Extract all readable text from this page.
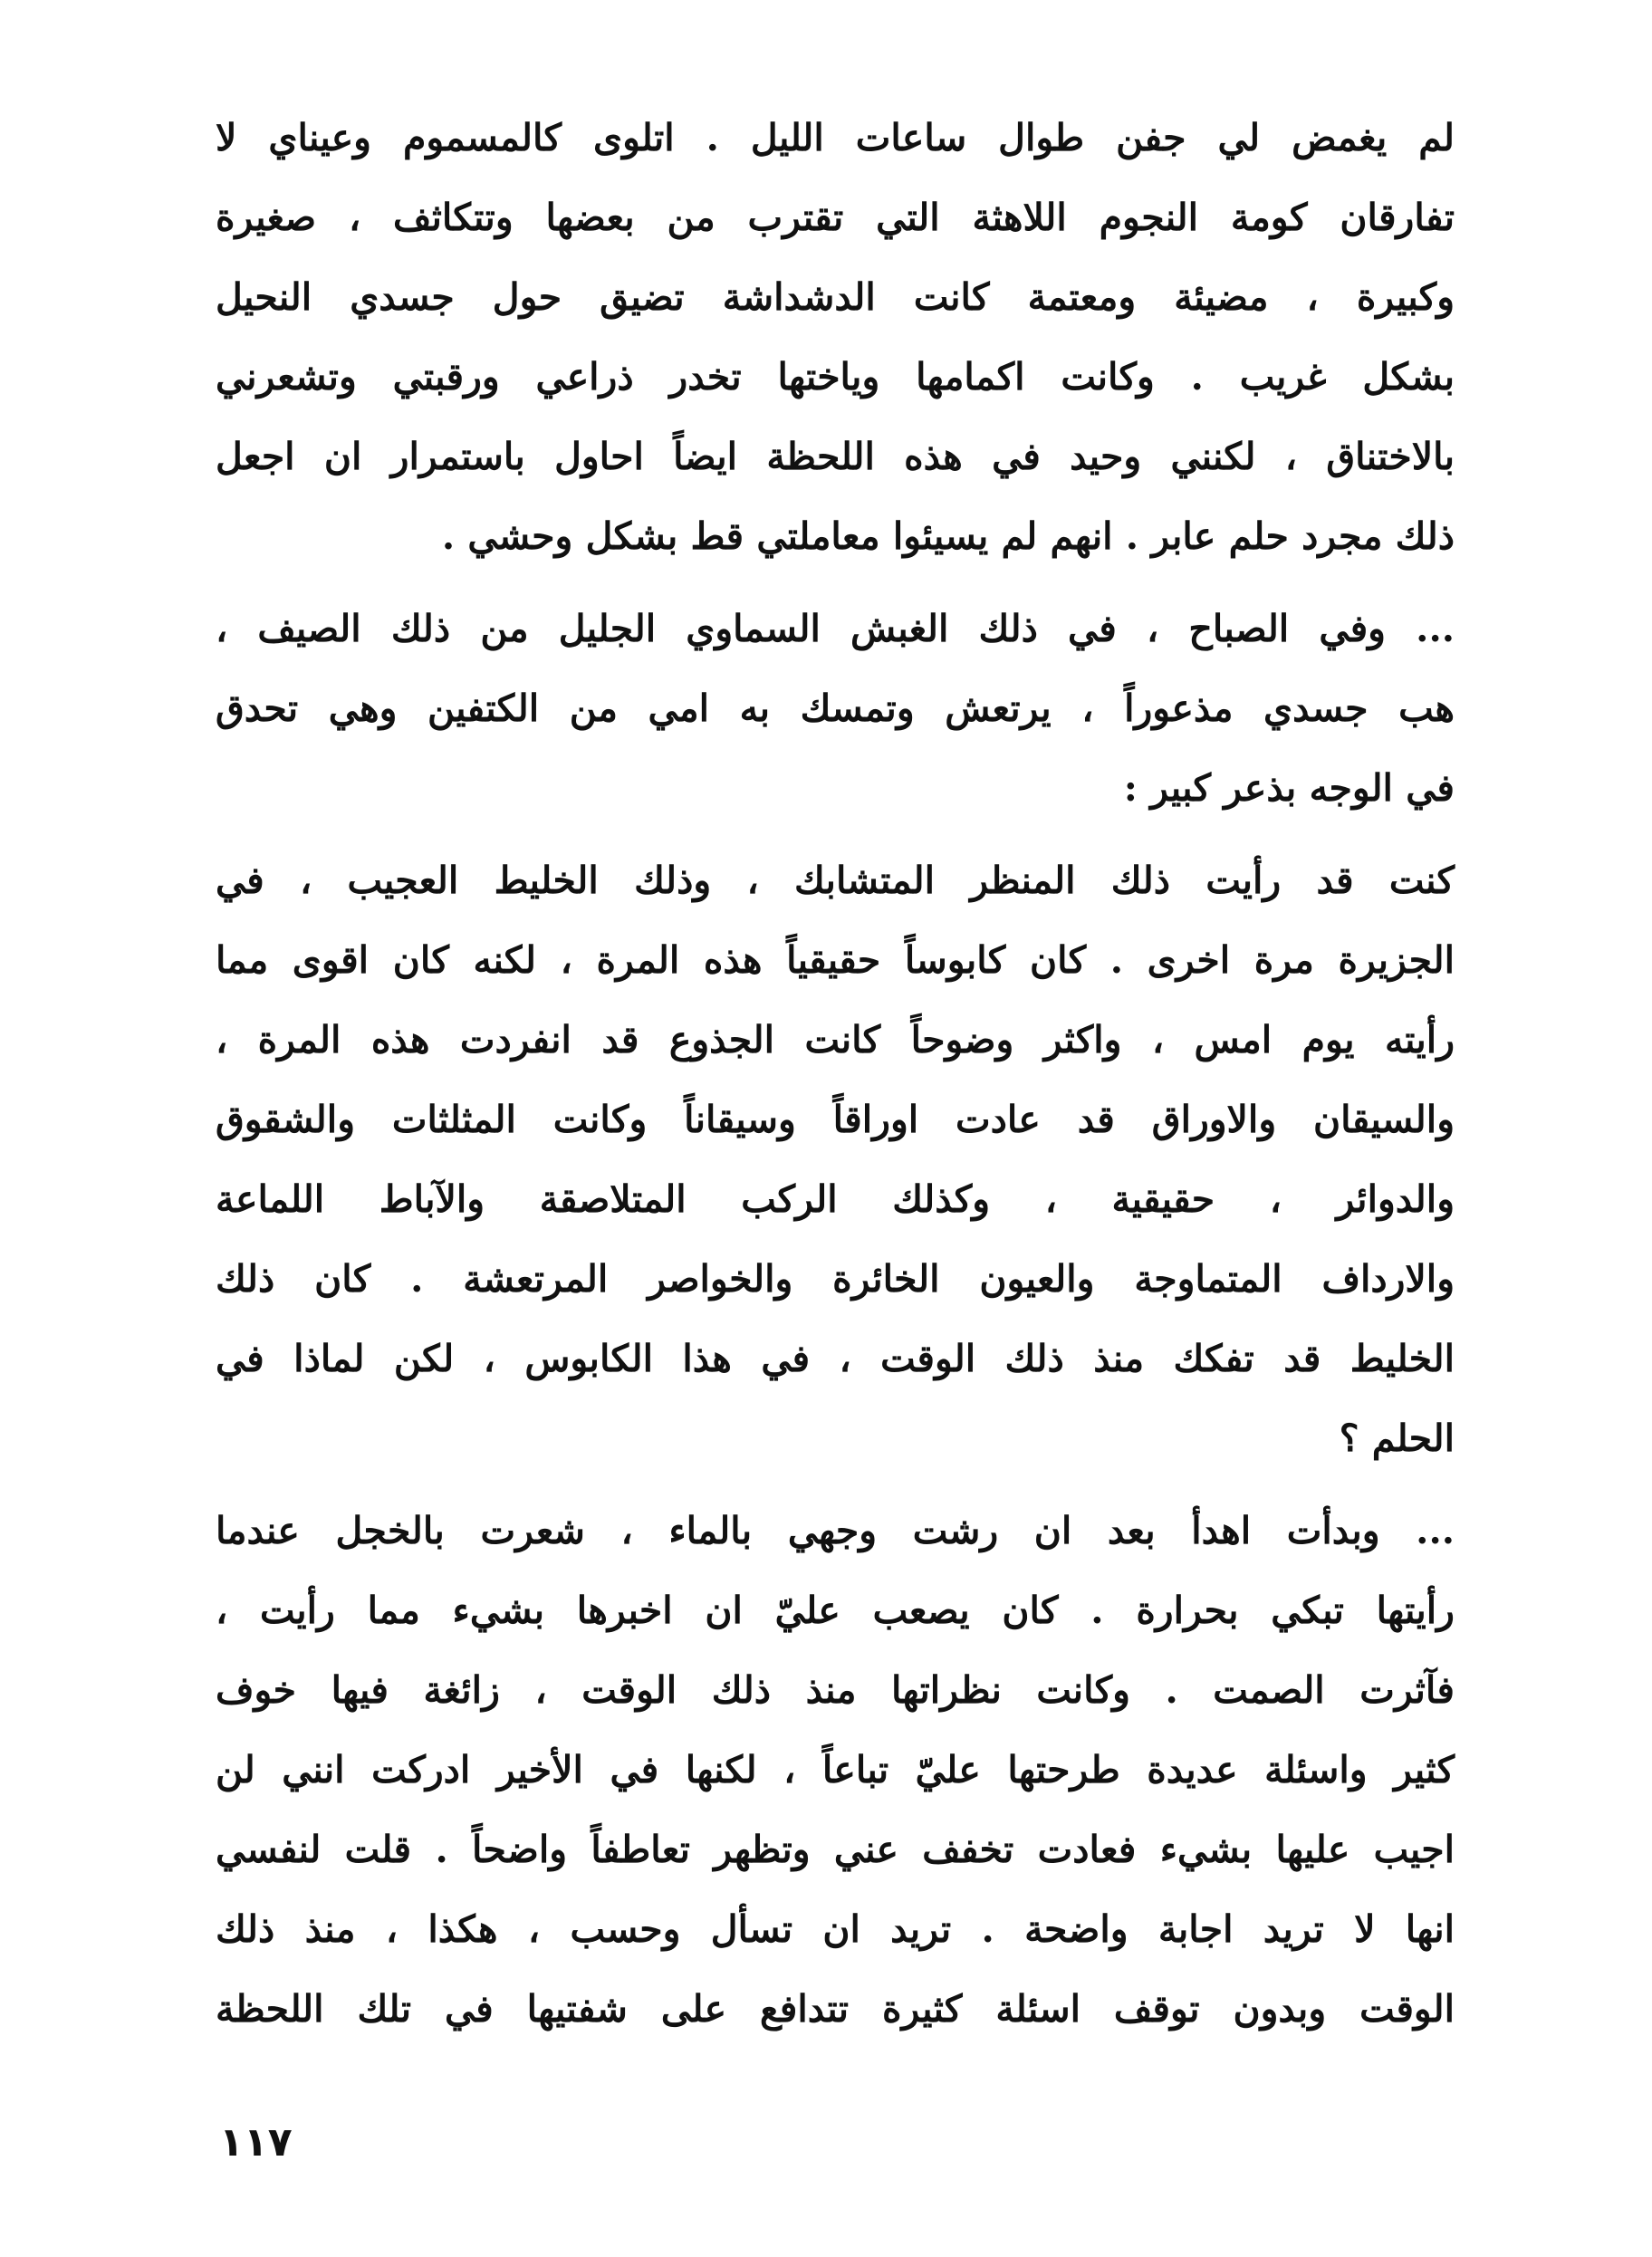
لم يغمض لي جفن طوال ساعات الليل . اتلوى كالمسموم وعيناي لا
تفارقان كومة النجوم اللاهثة التي تقترب من بعضها وتتكاثف ، صغيرة
وكبيرة ، مضيئة ومعتمة كانت الدشداشة تضيق حول جسدي النحيل
بشكل غريب . وكانت اكمامها وياختها تخدر ذراعي ورقبتي وتشعرني
بالاختناق ، لكنني وحيد في هذه اللحظة ايضاً احاول باستمرار ان اجعل
ذلك مجرد حلم عابر . انهم لم يسيئوا معاملتي قط بشكل وحشي .

... وفي الصباح ، في ذلك الغبش السماوي الجليل من ذلك الصيف ،
هب جسدي مذعوراً ، يرتعش وتمسك به امي من الكتفين وهي تحدق
في الوجه بذعر كبير :

كنت قد رأيت ذلك المنظر المتشابك ، وذلك الخليط العجيب ، في
الجزيرة مرة اخرى . كان كابوساً حقيقياً هذه المرة ، لكنه كان اقوى مما
رأيته يوم امس ، واكثر وضوحاً كانت الجذوع قد انفردت هذه المرة ،
والسيقان والاوراق قد عادت اوراقاً وسيقاناً وكانت المثلثات والشقوق
والدوائر ، حقيقية ، وكذلك الركب المتلاصقة والآباط اللماعة
والارداف المتماوجة والعيون الخائرة والخواصر المرتعشة . كان ذلك
الخليط قد تفكك منذ ذلك الوقت ، في هذا الكابوس ، لكن لماذا في
الحلم ؟

... وبدأت اهدأ بعد ان رشت وجهي بالماء ، شعرت بالخجل عندما
رأيتها تبكي بحرارة . كان يصعب عليّ ان اخبرها بشيء مما رأيت ،
فآثرت الصمت . وكانت نظراتها منذ ذلك الوقت ، زائغة فيها خوف
كثير واسئلة عديدة طرحتها عليّ تباعاً ، لكنها في الأخير ادركت انني لن
اجيب عليها بشيء فعادت تخفف عني وتظهر تعاطفاً واضحاً . قلت لنفسي
انها لا تريد اجابة واضحة . تريد ان تسأل وحسب ، هكذا ، منذ ذلك
الوقت وبدون توقف اسئلة كثيرة تتدافع على شفتيها في تلك اللحظة

١١٧
